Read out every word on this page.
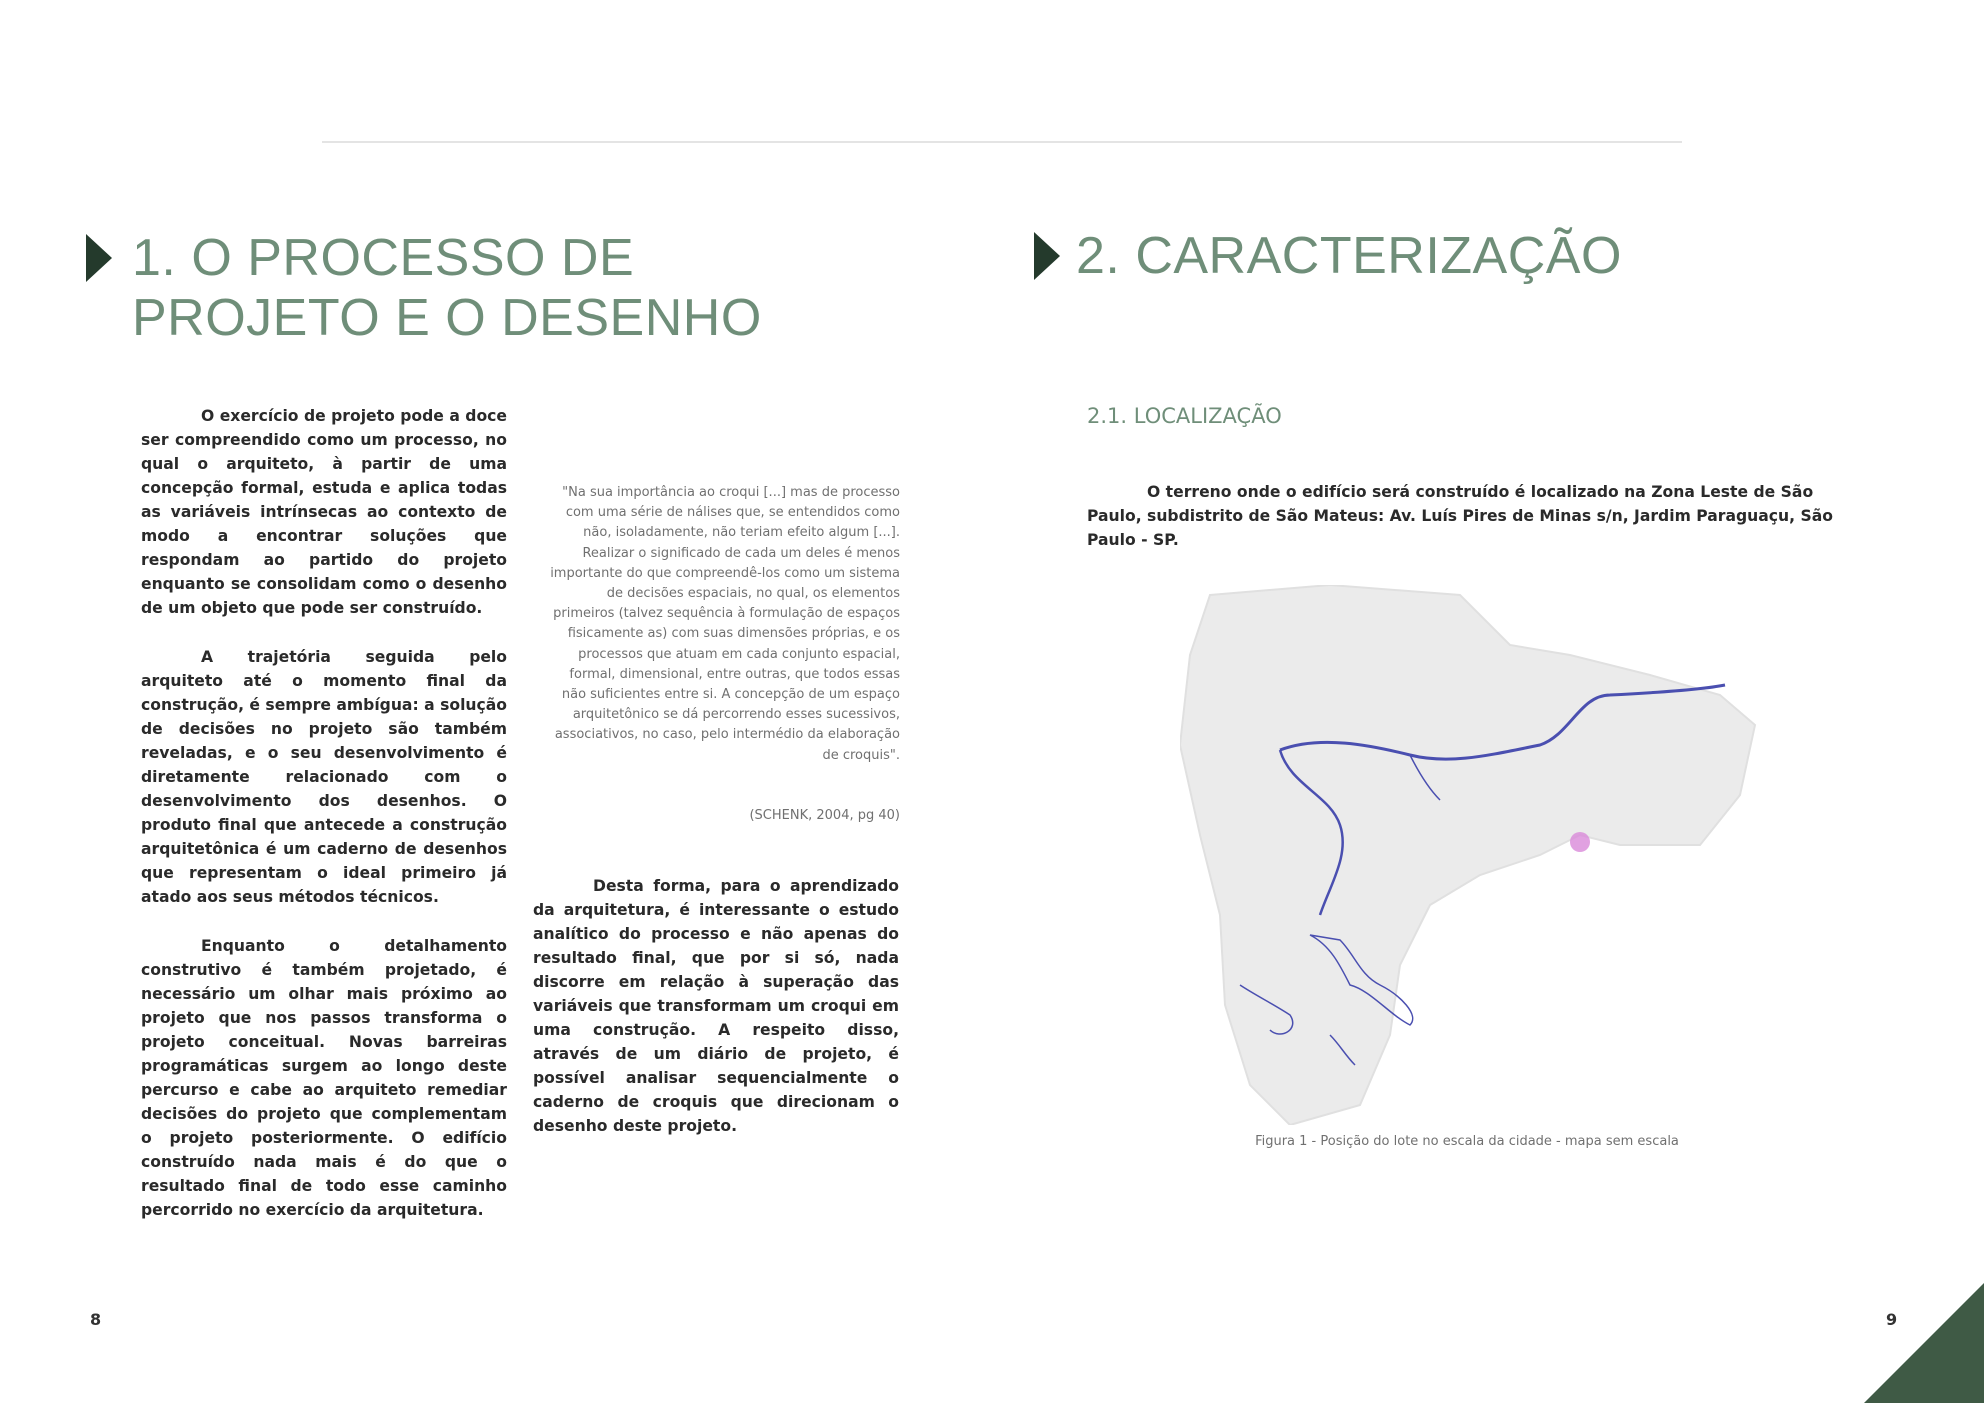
1. O PROCESSO DE
PROJETO E O DESENHO

O exercício de projeto pode a doce ser compreendido como um processo, no qual o arquiteto, à partir de uma concepção formal, estuda e aplica todas as variáveis intrínsecas ao contexto de modo a encontrar soluções que respondam ao partido do projeto enquanto se consolidam como o desenho de um objeto que pode ser construído.

A trajetória seguida pelo arquiteto até o momento final da construção, é sempre ambígua: a solução de decisões no projeto são também reveladas, e o seu desenvolvimento é diretamente relacionado com o desenvolvimento dos desenhos. O produto final que antecede a construção arquitetônica é um caderno de desenhos que representam o ideal primeiro já atado aos seus métodos técnicos.

Enquanto o detalhamento construtivo é também projetado, é necessário um olhar mais próximo ao projeto que nos passos transforma o projeto conceitual. Novas barreiras programáticas surgem ao longo deste percurso e cabe ao arquiteto remediar decisões do projeto que complementam o projeto posteriormente. O edifício construído nada mais é do que o resultado final de todo esse caminho percorrido no exercício da arquitetura.

"Na sua importância ao croqui [...] mas de processo com uma série de nálises que, se entendidos como não, isoladamente, não teriam efeito algum [...]. Realizar o significado de cada um deles é menos importante do que compreendê-los como um sistema de decisões espaciais, no qual, os elementos primeiros (talvez sequência à formulação de espaços fisicamente as) com suas dimensões próprias, e os processos que atuam em cada conjunto espacial, formal, dimensional, entre outras, que todos essas não suficientes entre si. A concepção de um espaço arquitetônico se dá percorrendo esses sucessivos, associativos, no caso, pelo intermédio da elaboração de croquis".

(SCHENK, 2004, pg 40)

Desta forma, para o aprendizado da arquitetura, é interessante o estudo analítico do processo e não apenas do resultado final, que por si só, nada discorre em relação à superação das variáveis que transformam um croqui em uma construção. A respeito disso, através de um diário de projeto, é possível analisar sequencialmente o caderno de croquis que direcionam o desenho deste projeto.

8
2. CARACTERIZAÇÃO
2.1. LOCALIZAÇÃO

O terreno onde o edifício será construído é localizado na Zona Leste de São Paulo, subdistrito de São Mateus: Av. Luís Pires de Minas s/n, Jardim Paraguaçu, São Paulo - SP.

Figura 1 - Posição do lote no escala da cidade - mapa sem escala

9
